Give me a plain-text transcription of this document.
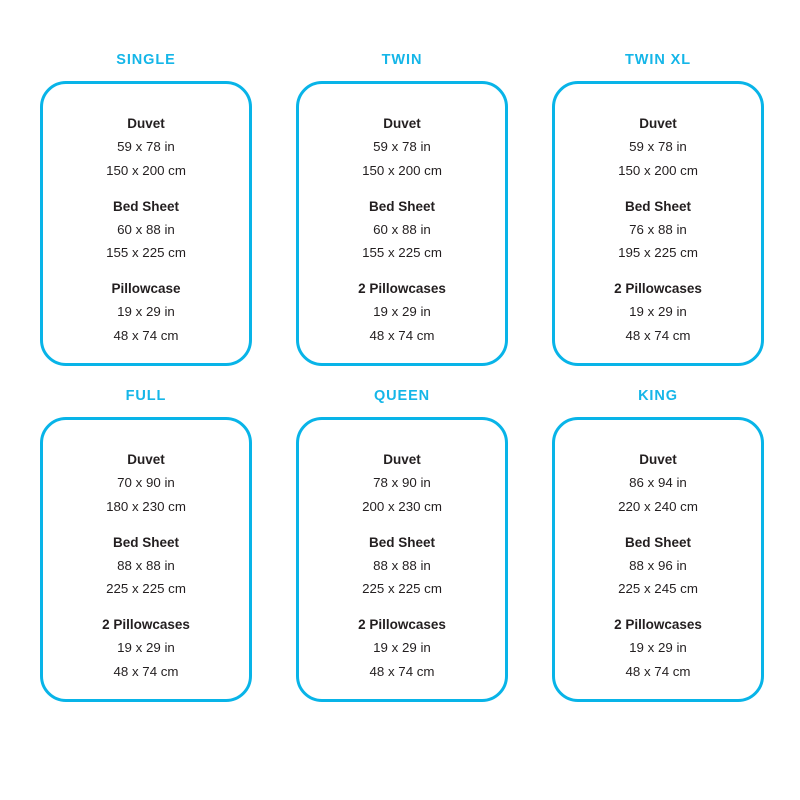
SINGLE
Duvet
59 x 78 in
150 x 200 cm
Bed Sheet
60 x 88 in
155 x 225 cm
Pillowcase
19 x 29 in
48 x 74 cm
TWIN
Duvet
59 x 78 in
150 x 200 cm
Bed Sheet
60 x 88 in
155 x 225 cm
2 Pillowcases
19 x 29 in
48 x 74 cm
TWIN XL
Duvet
59 x 78 in
150 x 200 cm
Bed Sheet
76 x 88 in
195 x 225 cm
2 Pillowcases
19 x 29 in
48 x 74 cm
FULL
Duvet
70 x 90 in
180 x 230 cm
Bed Sheet
88 x 88 in
225 x 225 cm
2 Pillowcases
19 x 29 in
48 x 74 cm
QUEEN
Duvet
78 x 90 in
200 x 230 cm
Bed Sheet
88 x 88 in
225 x 225 cm
2 Pillowcases
19 x 29 in
48 x 74 cm
KING
Duvet
86 x 94 in
220 x 240 cm
Bed Sheet
88 x 96 in
225 x 245 cm
2 Pillowcases
19 x 29 in
48 x 74 cm
